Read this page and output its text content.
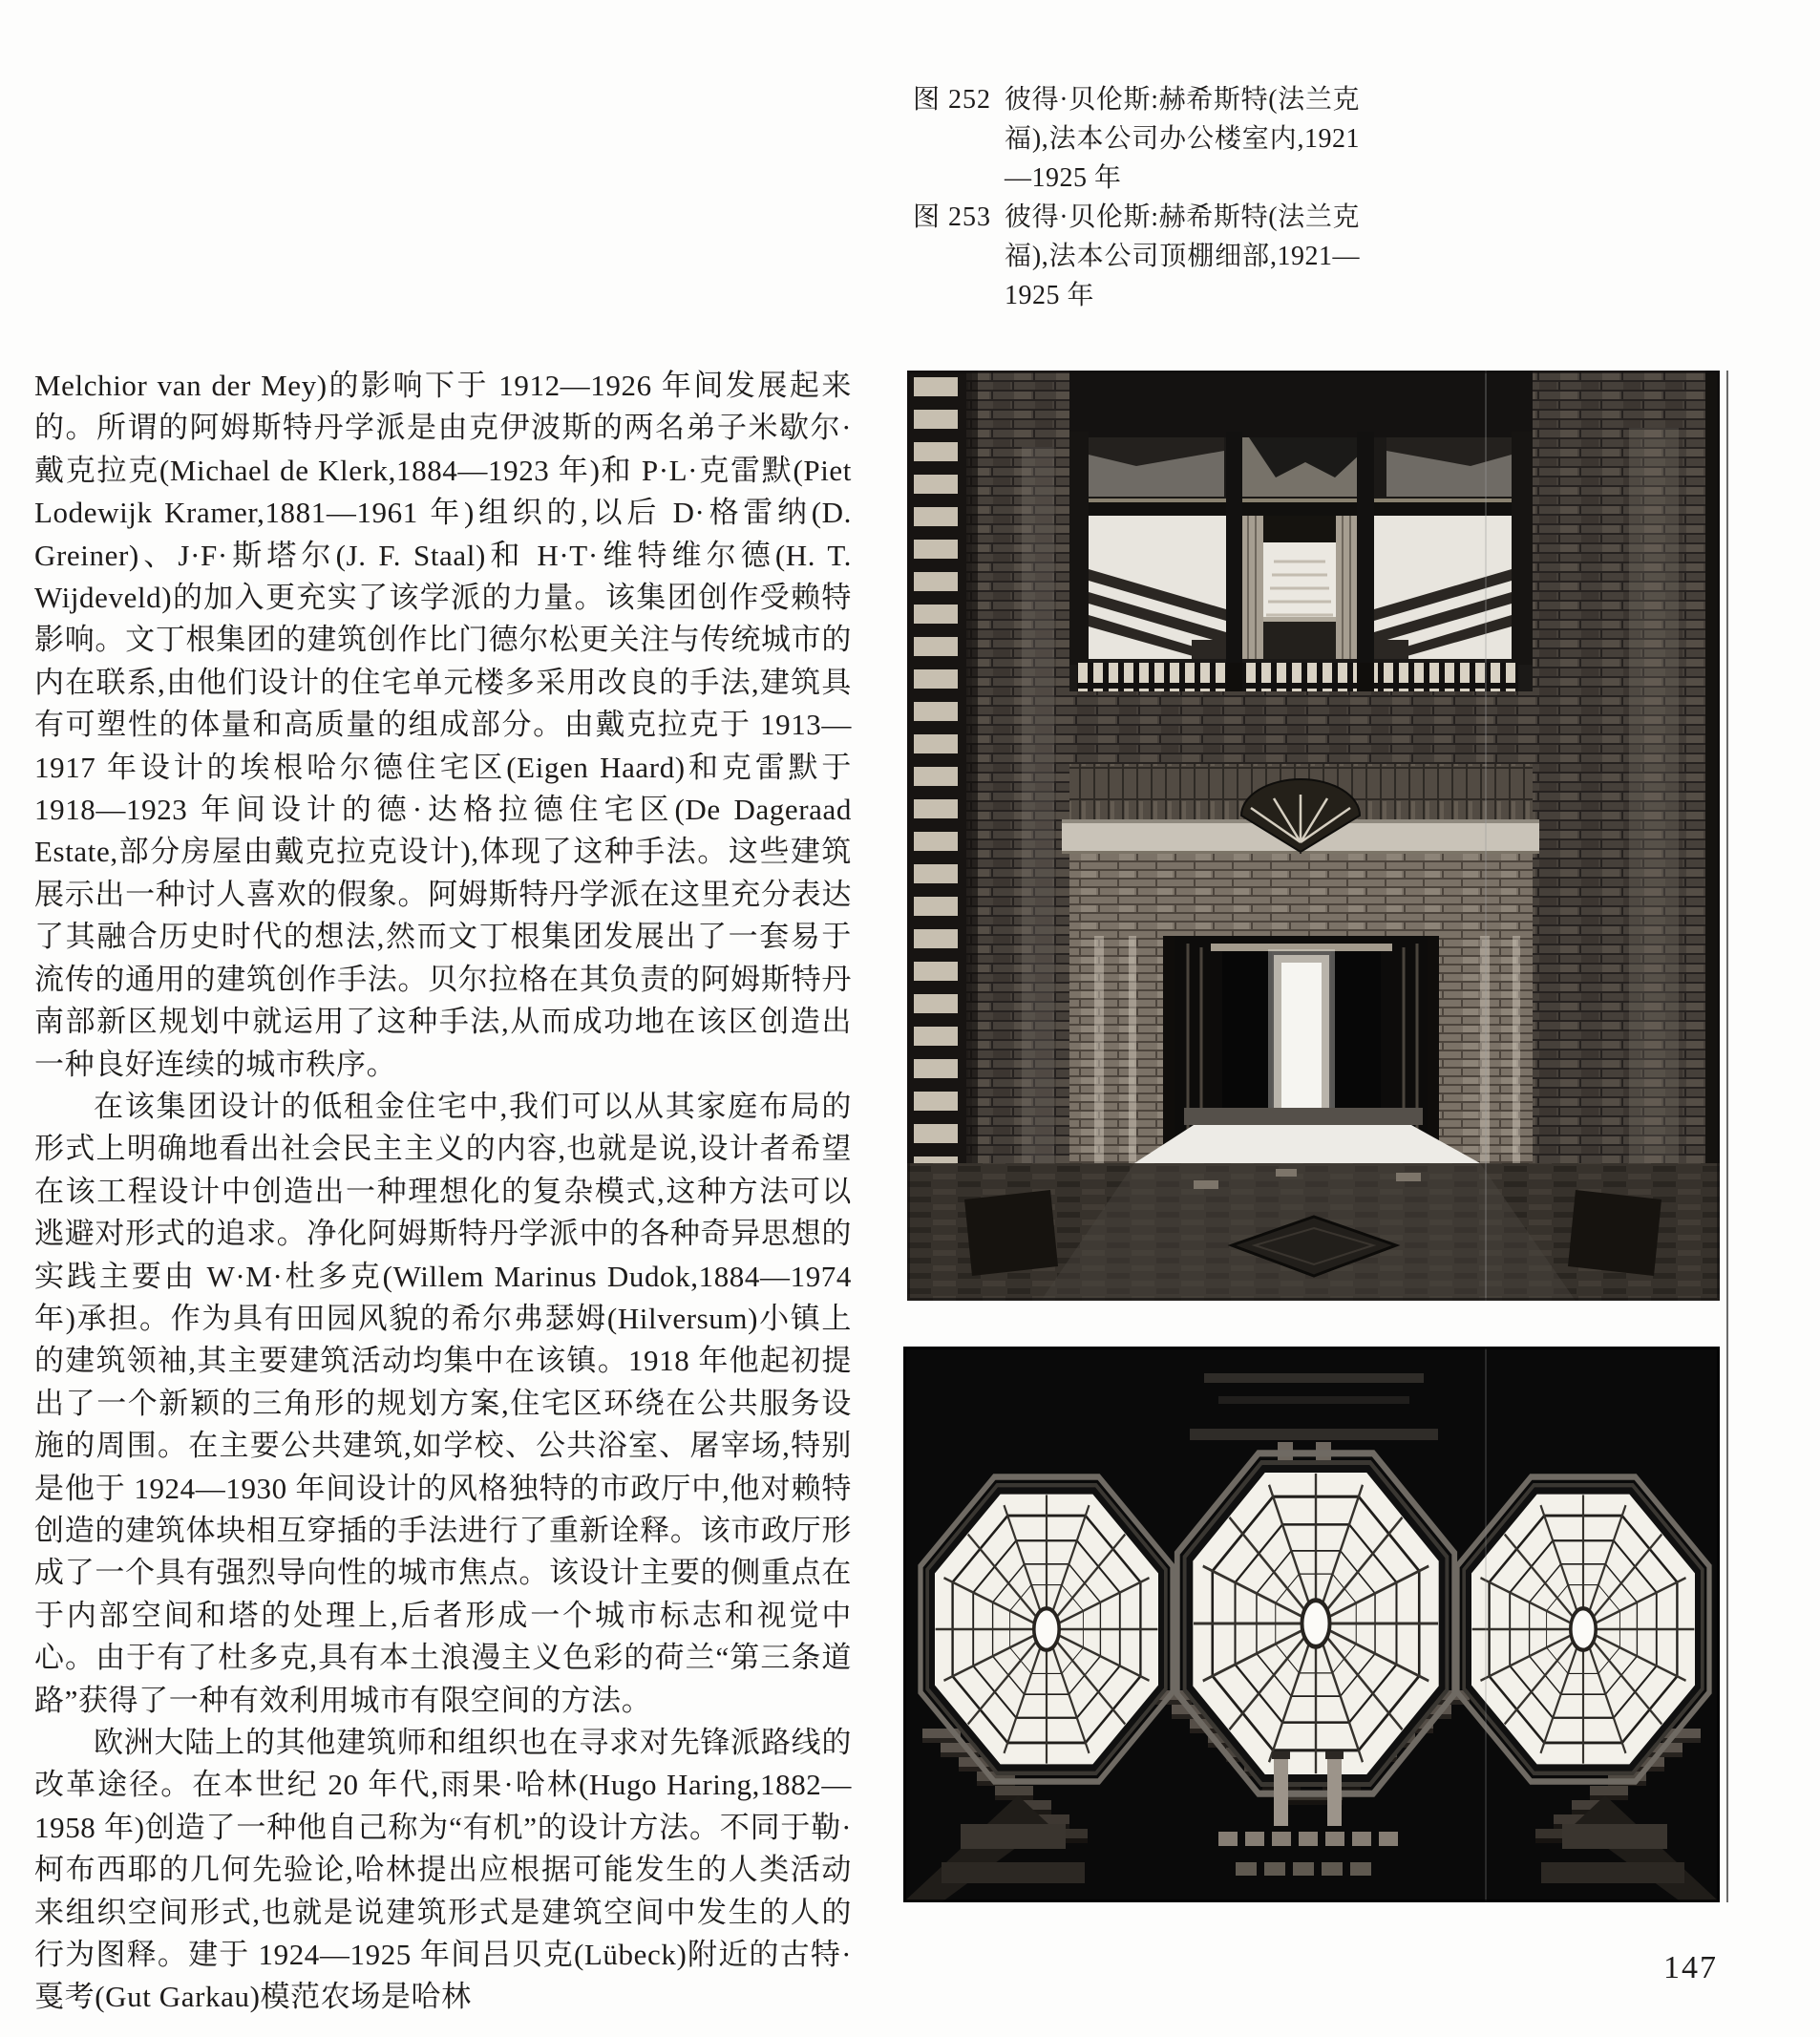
图 252 彼得·贝伦斯:赫希斯特(法兰克福),法本公司办公楼室内,1921—1925 年
图 253 彼得·贝伦斯:赫希斯特(法兰克福),法本公司顶棚细部,1921—1925 年

Melchior van der Mey)的影响下于 1912—1926 年间发展起来的。所谓的阿姆斯特丹学派是由克伊波斯的两名弟子米歇尔·戴克拉克(Michael de Klerk,1884—1923 年)和 P·L·克雷默(Piet Lodewijk Kramer,1881—1961 年)组织的,以后 D·格雷纳(D. Greiner)、J·F·斯塔尔(J. F. Staal)和 H·T·维特维尔德(H. T. Wijdeveld)的加入更充实了该学派的力量。该集团创作受赖特影响。文丁根集团的建筑创作比门德尔松更关注与传统城市的内在联系,由他们设计的住宅单元楼多采用改良的手法,建筑具有可塑性的体量和高质量的组成部分。由戴克拉克于 1913—1917 年设计的埃根哈尔德住宅区(Eigen Haard)和克雷默于 1918—1923 年间设计的德·达格拉德住宅区(De Dageraad Estate,部分房屋由戴克拉克设计),体现了这种手法。这些建筑展示出一种讨人喜欢的假象。阿姆斯特丹学派在这里充分表达了其融合历史时代的想法,然而文丁根集团发展出了一套易于流传的通用的建筑创作手法。贝尔拉格在其负责的阿姆斯特丹南部新区规划中就运用了这种手法,从而成功地在该区创造出一种良好连续的城市秩序。

在该集团设计的低租金住宅中,我们可以从其家庭布局的形式上明确地看出社会民主主义的内容,也就是说,设计者希望在该工程设计中创造出一种理想化的复杂模式,这种方法可以逃避对形式的追求。净化阿姆斯特丹学派中的各种奇异思想的实践主要由 W·M·杜多克(Willem Marinus Dudok,1884—1974 年)承担。作为具有田园风貌的希尔弗瑟姆(Hilversum)小镇上的建筑领袖,其主要建筑活动均集中在该镇。1918 年他起初提出了一个新颖的三角形的规划方案,住宅区环绕在公共服务设施的周围。在主要公共建筑,如学校、公共浴室、屠宰场,特别是他于 1924—1930 年间设计的风格独特的市政厅中,他对赖特创造的建筑体块相互穿插的手法进行了重新诠释。该市政厅形成了一个具有强烈导向性的城市焦点。该设计主要的侧重点在于内部空间和塔的处理上,后者形成一个城市标志和视觉中心。由于有了杜多克,具有本土浪漫主义色彩的荷兰“第三条道路”获得了一种有效利用城市有限空间的方法。

欧洲大陆上的其他建筑师和组织也在寻求对先锋派路线的改革途径。在本世纪 20 年代,雨果·哈林(Hugo Haring,1882—1958 年)创造了一种他自己称为“有机”的设计方法。不同于勒·柯布西耶的几何先验论,哈林提出应根据可能发生的人类活动来组织空间形式,也就是说建筑形式是建筑空间中发生的人的行为图释。建于 1924—1925 年间吕贝克(Lübeck)附近的古特·戛考(Gut Garkau)模范农场是哈林

147
